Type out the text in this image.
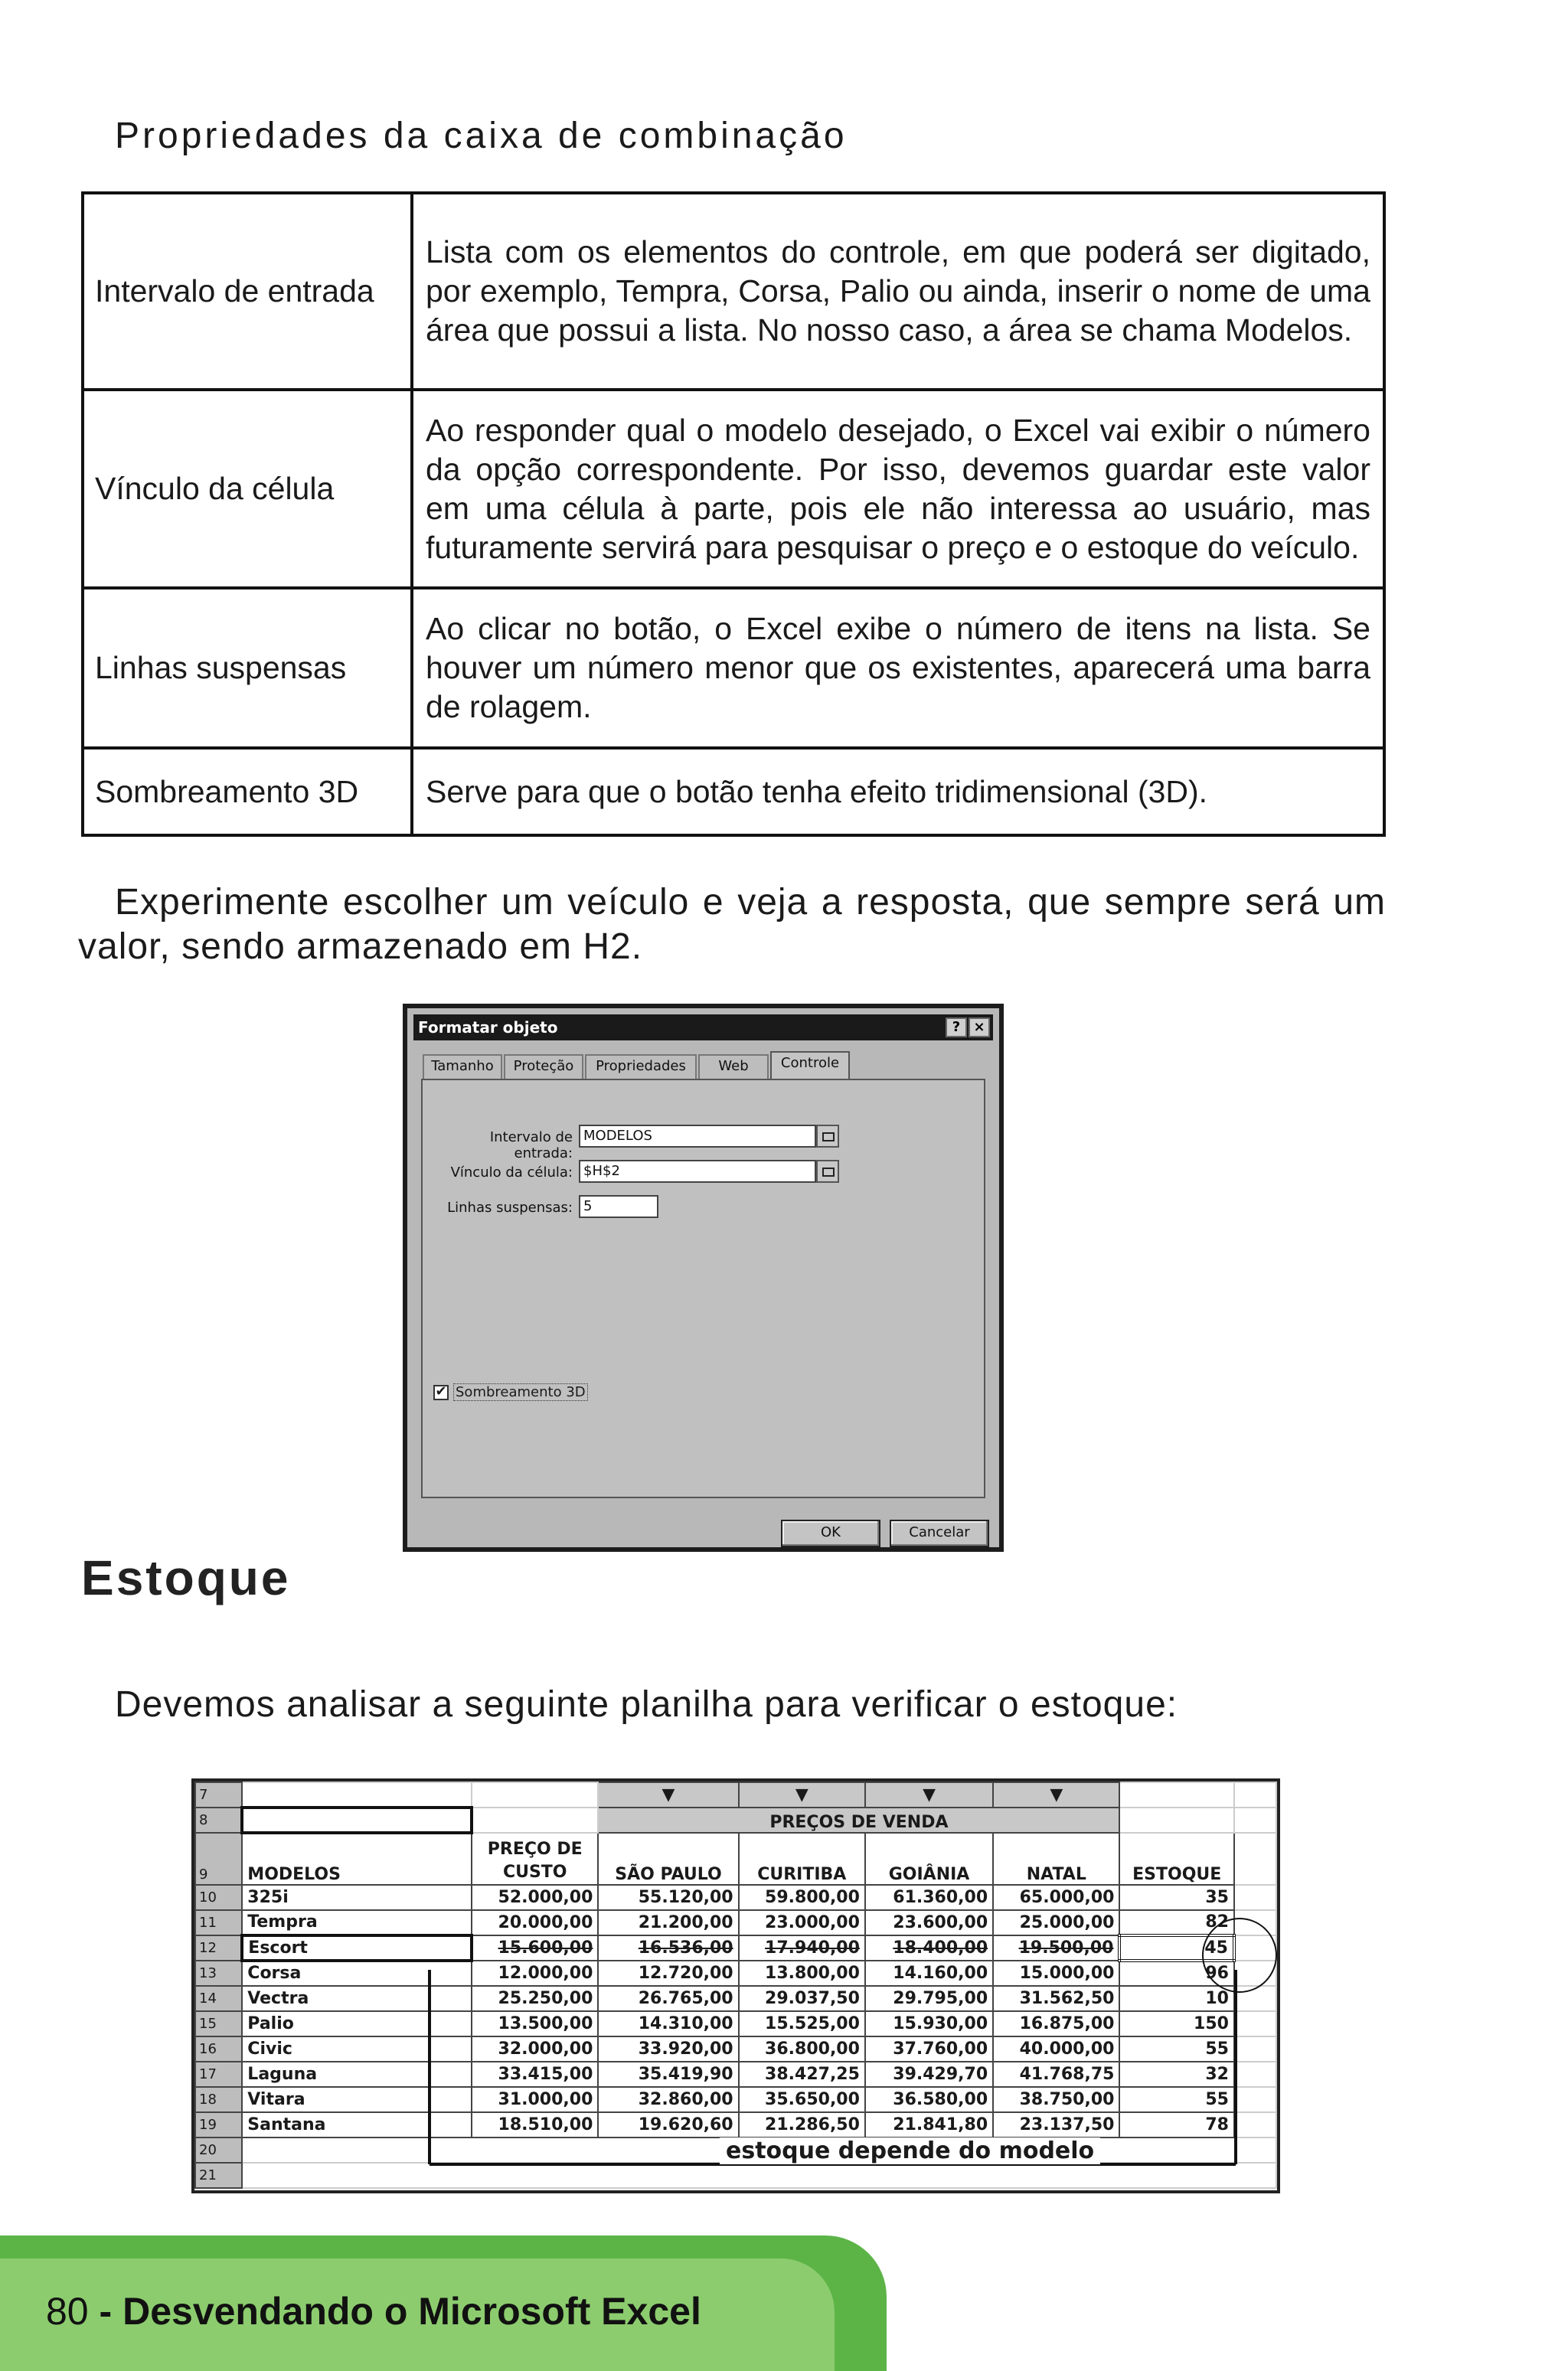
Propriedades da caixa de combinação
Intervalo de entrada	Lista com os elementos do controle, em que poderá ser digitado, por exemplo, Tempra, Corsa, Palio ou ainda, inserir o nome de uma área que possui a lista. No nosso caso, a área se chama Modelos.
Vínculo da célula	Ao responder qual o modelo desejado, o Excel vai exibir o número da opção correspondente. Por isso, devemos guardar este valor em uma célula à parte, pois ele não interessa ao usuário, mas futuramente servirá para pesquisar o preço e o estoque do veículo.
Linhas suspensas	Ao clicar no botão, o Excel exibe o número de itens na lista. Se houver um número menor que os existentes, aparecerá uma barra de rolagem.
Sombreamento 3D	Serve para que o botão tenha efeito tridimensional (3D).

Experimente escolher um veículo e veja a resposta, que sempre será um valor, sendo armazenado em H2.

Formatar objeto	? ×
Tamanho	Proteção	Propriedades	Web	Controle
Intervalo de entrada:
MODELOS
Vínculo da célula: $H$2
Linhas suspensas: 5
✔ Sombreamento 3D
OK	Cancelar
Estoque

Devemos analisar a seguinte planilha para verificar o estoque:

7			▼	▼	▼	▼		
8			PREÇOS DE VENDA					
9	MODELOS	PREÇO DE CUSTO	SÃO PAULO	CURITIBA	GOIÂNIA	NATAL	ESTOQUE	
10	325i	52.000,00	55.120,00	59.800,00	61.360,00	65.000,00	35	
11	Tempra	20.000,00	21.200,00	23.000,00	23.600,00	25.000,00	82	
12	Escort	15.600,00	16.536,00	17.940,00	18.400,00	19.500,00	45	
13	Corsa	12.000,00	12.720,00	13.800,00	14.160,00	15.000,00	96	
14	Vectra	25.250,00	26.765,00	29.037,50	29.795,00	31.562,50	10	
15	Palio	13.500,00	14.310,00	15.525,00	15.930,00	16.875,00	150	
16	Civic	32.000,00	33.920,00	36.800,00	37.760,00	40.000,00	55	
17	Laguna	33.415,00	35.419,90	38.427,25	39.429,70	41.768,75	32	
18	Vitara	31.000,00	32.860,00	35.650,00	36.580,00	38.750,00	55	
19	Santana	18.510,00	19.620,60	21.286,50	21.841,80	23.137,50	78	
20								
21								
estoque depende do modelo
80 - Desvendando o Microsoft Excel
